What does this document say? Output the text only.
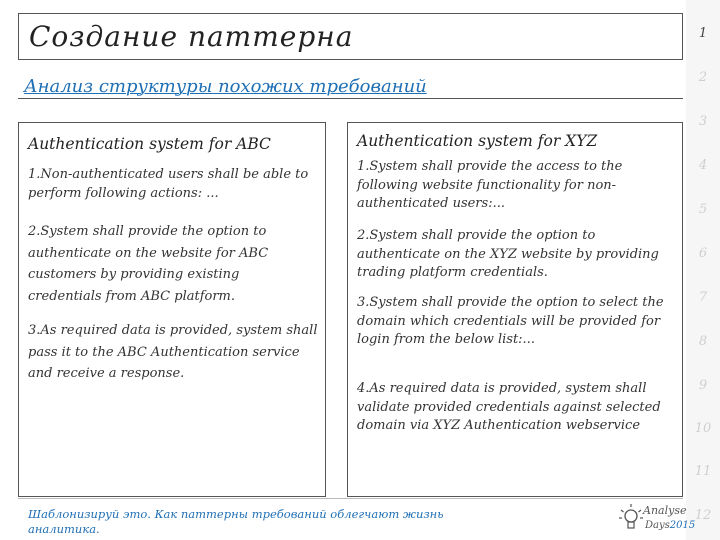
Создание паттерна
Анализ структуры похожих требований
Authentication system for ABC
1.Non-authenticated users shall be able to perform following actions: ...
2.System shall provide the option to authenticate on the website for ABC customers by providing existing credentials from ABC platform.
3.As required data is provided, system shall pass it to the ABC Authentication service and receive a response.
Authentication system for XYZ
1.System shall provide the access to the following website functionality for non-authenticated users:...
2.System shall provide the option to authenticate on the XYZ website by providing trading platform credentials.
3.System shall provide the option to select the domain which credentials will be provided for login from the below list:...
4.As required data is provided, system shall validate provided credentials against selected domain via XYZ Authentication webservice
1
2
3
4
5
6
7
8
9
10
11
12
Шаблонизируй это. Как паттерны требований облегчают жизнь аналитика.
Analyse
Days2015
